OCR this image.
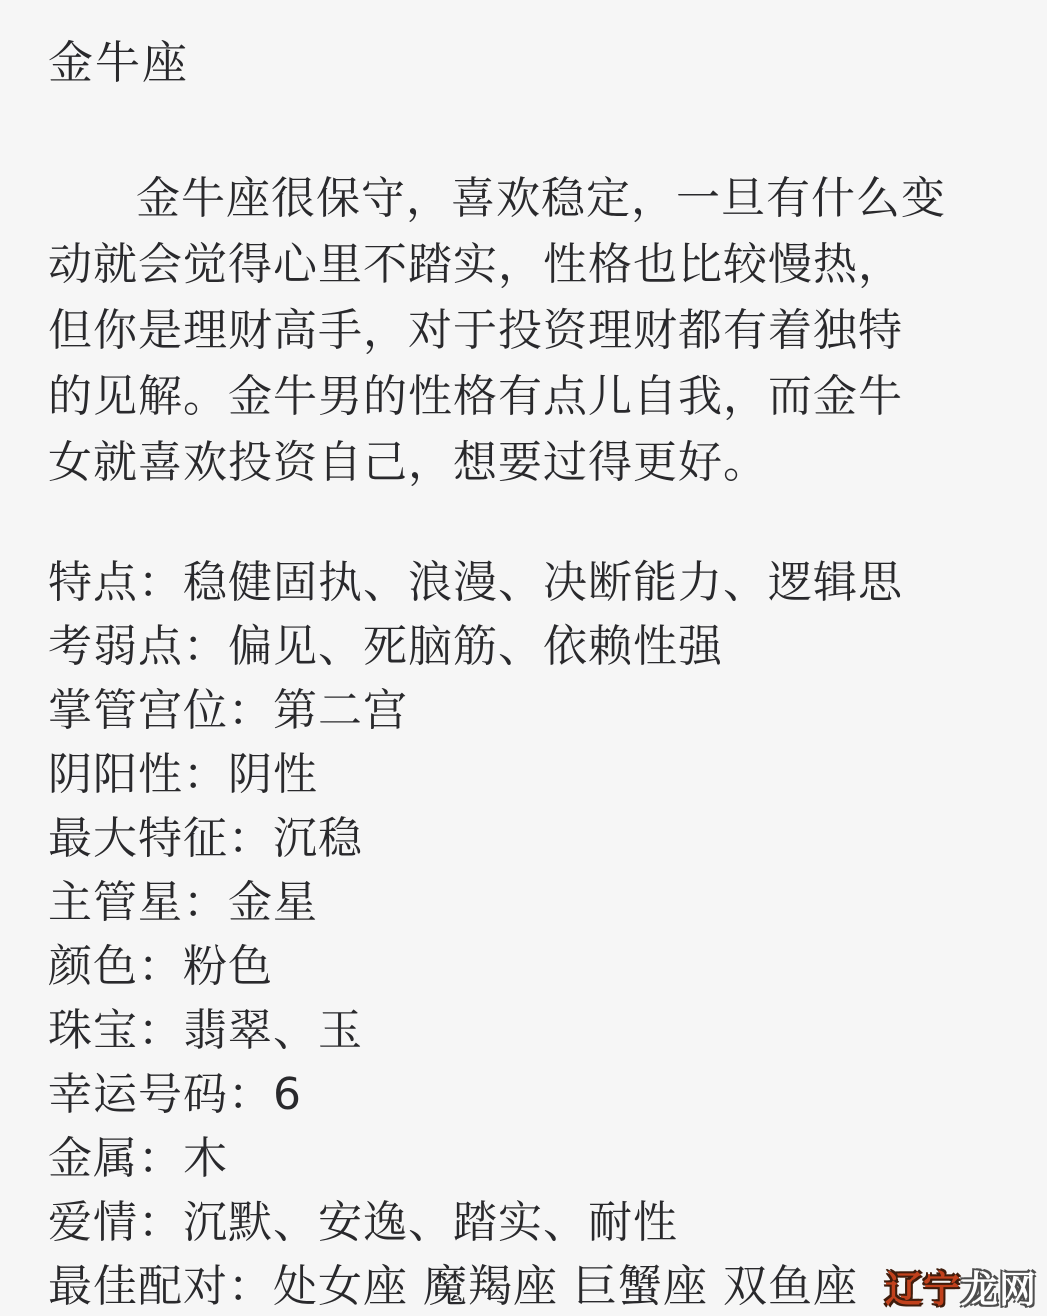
金牛座
金牛座很保守，喜欢稳定，一旦有什么变
动就会觉得心里不踏实，性格也比较慢热，
但你是理财高手，对于投资理财都有着独特
的见解。金牛男的性格有点儿自我，而金牛
女就喜欢投资自己，想要过得更好。
特点：稳健固执、浪漫、决断能力、逻辑思
考弱点：偏见、死脑筋、依赖性强
掌管宫位：第二宫
阴阳性：阴性
最大特征：沉稳
主管星：金星
颜色：粉色
珠宝：翡翠、玉
幸运号码：6
金属：木
爱情：沉默、安逸、踏实、耐性
最佳配对：处女座 魔羯座 巨蟹座 双鱼座 辽宁龙网
